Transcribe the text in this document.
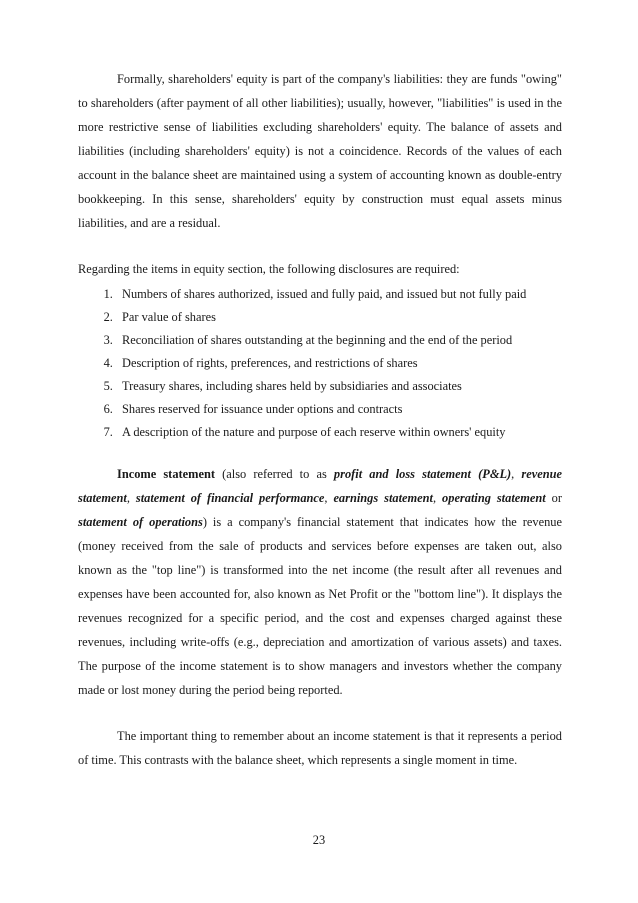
Formally, shareholders' equity is part of the company's liabilities: they are funds "owing" to shareholders (after payment of all other liabilities); usually, however, "liabilities" is used in the more restrictive sense of liabilities excluding shareholders' equity. The balance of assets and liabilities (including shareholders' equity) is not a coincidence. Records of the values of each account in the balance sheet are maintained using a system of accounting known as double-entry bookkeeping. In this sense, shareholders' equity by construction must equal assets minus liabilities, and are a residual.

Regarding the items in equity section, the following disclosures are required:

1. Numbers of shares authorized, issued and fully paid, and issued but not fully paid
2. Par value of shares
3. Reconciliation of shares outstanding at the beginning and the end of the period
4. Description of rights, preferences, and restrictions of shares
5. Treasury shares, including shares held by subsidiaries and associates
6. Shares reserved for issuance under options and contracts
7. A description of the nature and purpose of each reserve within owners' equity

Income statement (also referred to as profit and loss statement (P&L), revenue statement, statement of financial performance, earnings statement, operating statement or statement of operations) is a company's financial statement that indicates how the revenue (money received from the sale of products and services before expenses are taken out, also known as the "top line") is transformed into the net income (the result after all revenues and expenses have been accounted for, also known as Net Profit or the "bottom line"). It displays the revenues recognized for a specific period, and the cost and expenses charged against these revenues, including write-offs (e.g., depreciation and amortization of various assets) and taxes. The purpose of the income statement is to show managers and investors whether the company made or lost money during the period being reported.

The important thing to remember about an income statement is that it represents a period of time. This contrasts with the balance sheet, which represents a single moment in time.

23
